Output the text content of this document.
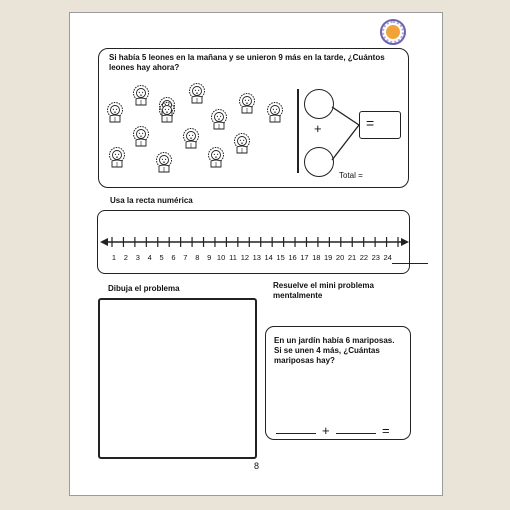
Si había 5 leones en la mañana y se unieron 9 más en la tarde, ¿Cuántos leones hay ahora?
+	=
Total =
Usa la recta numérica
1	2	3	4	5	6	7	8	9 10 11 12 13 14 15 16 17 18 19 20 21 22 23 24
Dibuja el problema	Resuelve el mini problema mentalmente
En un jardín había 6 mariposas. Si se unen 4 más, ¿Cuántas mariposas hay?
+	=
8
